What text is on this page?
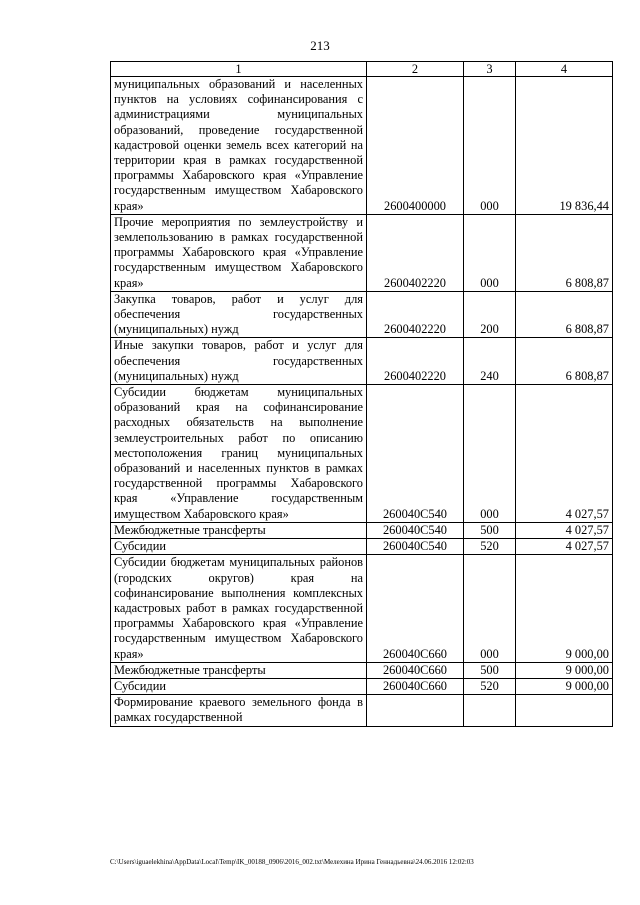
213
1	2	3	4
муниципальных образований и населенных пунктов на условиях софинансирования с администрациями муниципальных образований, проведение государственной кадастровой оценки земель всех категорий на территории края в рамках государственной программы Хабаровского края «Управление государственным имуществом Хабаровского края»	2600400000	000	19 836,44
Прочие мероприятия по землеустройству и землепользованию в рамках государственной программы Хабаровского края «Управление государственным имуществом Хабаровского края»	2600402220	000	6 808,87
Закупка товаров, работ и услуг для обеспечения государственных (муниципальных) нужд	2600402220	200	6 808,87
Иные закупки товаров, работ и услуг для обеспечения государственных (муниципальных) нужд	2600402220	240	6 808,87
Субсидии бюджетам муниципальных образований края на софинансирование расходных обязательств на выполнение землеустроительных работ по описанию местоположения границ муниципальных образований и населенных пунктов в рамках государственной программы Хабаровского края «Управление государственным имуществом Хабаровского края»	260040С540	000	4 027,57
Межбюджетные трансферты	260040С540	500	4 027,57
Субсидии	260040С540	520	4 027,57
Субсидии бюджетам муниципальных районов (городских округов) края на софинансирование выполнения комплексных кадастровых работ в рамках государственной программы Хабаровского края «Управление государственным имуществом Хабаровского края»	260040С660	000	9 000,00
Межбюджетные трансферты	260040С660	500	9 000,00
Субсидии	260040С660	520	9 000,00
Формирование краевого земельного фонда в рамках государственной			
C:\Users\iguaelekhina\AppData\Local\Temp\IK_00188_0906\2016_002.txt\Мелехина Ирина Геннадьевна\24.06.2016 12:02:03
